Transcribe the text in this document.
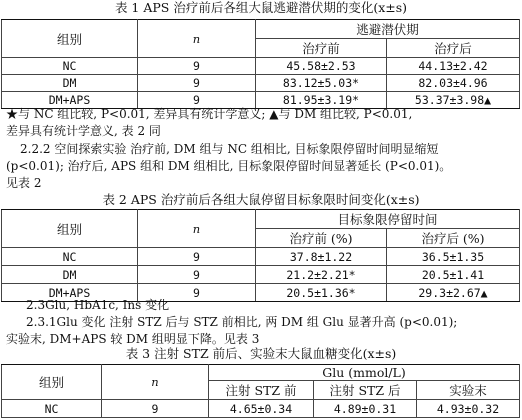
表 1 APS 治疗前后各组大鼠逃避潜伏期的变化(x±s)
组别	n	逃避潜伏期	
		治疗前	治疗后
NC	9	45.58±2.53	44.13±2.42
DM	9	83.12±5.03*	82.03±4.96
DM+APS	9	81.95±3.19*	53.37±3.98▲
★与 NC 组比较, P<0.01, 差异具有统计学意义; ▲与 DM 组比较, P<0.01,
差异具有统计学意义, 表 2 同
2.2.2 空间探索实验 治疗前, DM 组与 NC 组相比, 目标象限停留时间明显缩短
(p<0.01); 治疗后, APS 组和 DM 组相比, 目标象限停留时间显著延长 (P<0.01)。
见表 2
表 2 APS 治疗前后各组大鼠停留目标象限时间变化(x±s)
组别	n	目标象限停留时间	
		治疗前 (%)	治疗后 (%)
NC	9	37.8±1.22	36.5±1.35
DM	9	21.2±2.21*	20.5±1.41
DM+APS	9	20.5±1.36*	29.3±2.67▲
2.3Glu, HbA1c, Ins 变化
2.3.1Glu 变化 注射 STZ 后与 STZ 前相比, 两 DM 组 Glu 显著升高 (p<0.01);
实验末, DM+APS 较 DM 组明显下降。见表 3
表 3 注射 STZ 前后、实验末大鼠血糖变化(x±s)
组别	n	Glu (mmol/L)		
		注射 STZ 前	注射 STZ 后	实验末
NC	9	4.65±0.34	4.89±0.31	4.93±0.32
